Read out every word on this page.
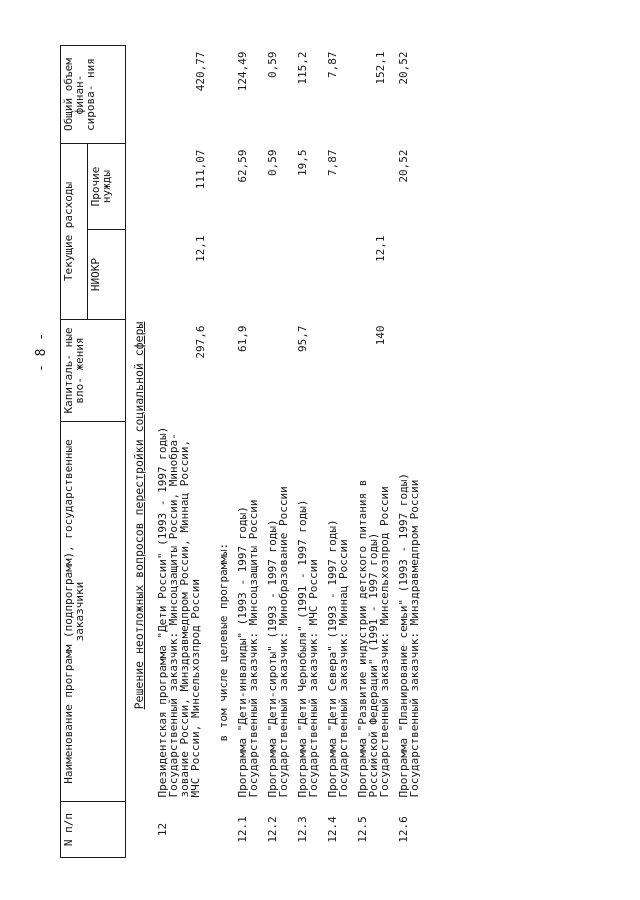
- 8 -
N п/п	Наименование программ (подпрограмм), государственные заказчики	Капиталь- ные вло- жения	Текущие расходы		Общий объем финан- сирова- ния
			НИОКР	Прочие нужды	
	Решение неотложных вопросов перестройки социальной сферы				
12	Президентская программа "Дети России" (1993 - 1997 годы)
Государственный заказчик: Минсоцзащиты России, Минобра-
зование России, Минздравмедпром России, Миннац России,
МЧС России, Минсельхозпрод России	297,6	12,1	111,07	420,77
	в том числе целевые программы:				
12.1	Программа "Дети-инвалиды" (1993 - 1997 годы)
Государственный заказчик: Минсоцзащиты России	61,9		62,59	124,49
12.2	Программа "Дети-сироты" (1993 - 1997 годы)
Государственный заказчик: Минобразование России			0,59	0,59
12.3	Программа "Дети Чернобыля" (1991 - 1997 годы)
Государственный заказчик: МЧС России	95,7		19,5	115,2
12.4	Программа "Дети Севера" (1993 - 1997 годы)
Государственный заказчик: Миннац России			7,87	7,87
12.5	Программа "Развитие индустрии детского питания в
Российской Федерации" (1991 - 1997 годы)
Государственный заказчик: Минсельхозпрод России	140	12,1		152,1
12.6	Программа "Планирование семьи" (1993 - 1997 годы)
Государственный заказчик: Минздравмедпром России			20,52	20,52
